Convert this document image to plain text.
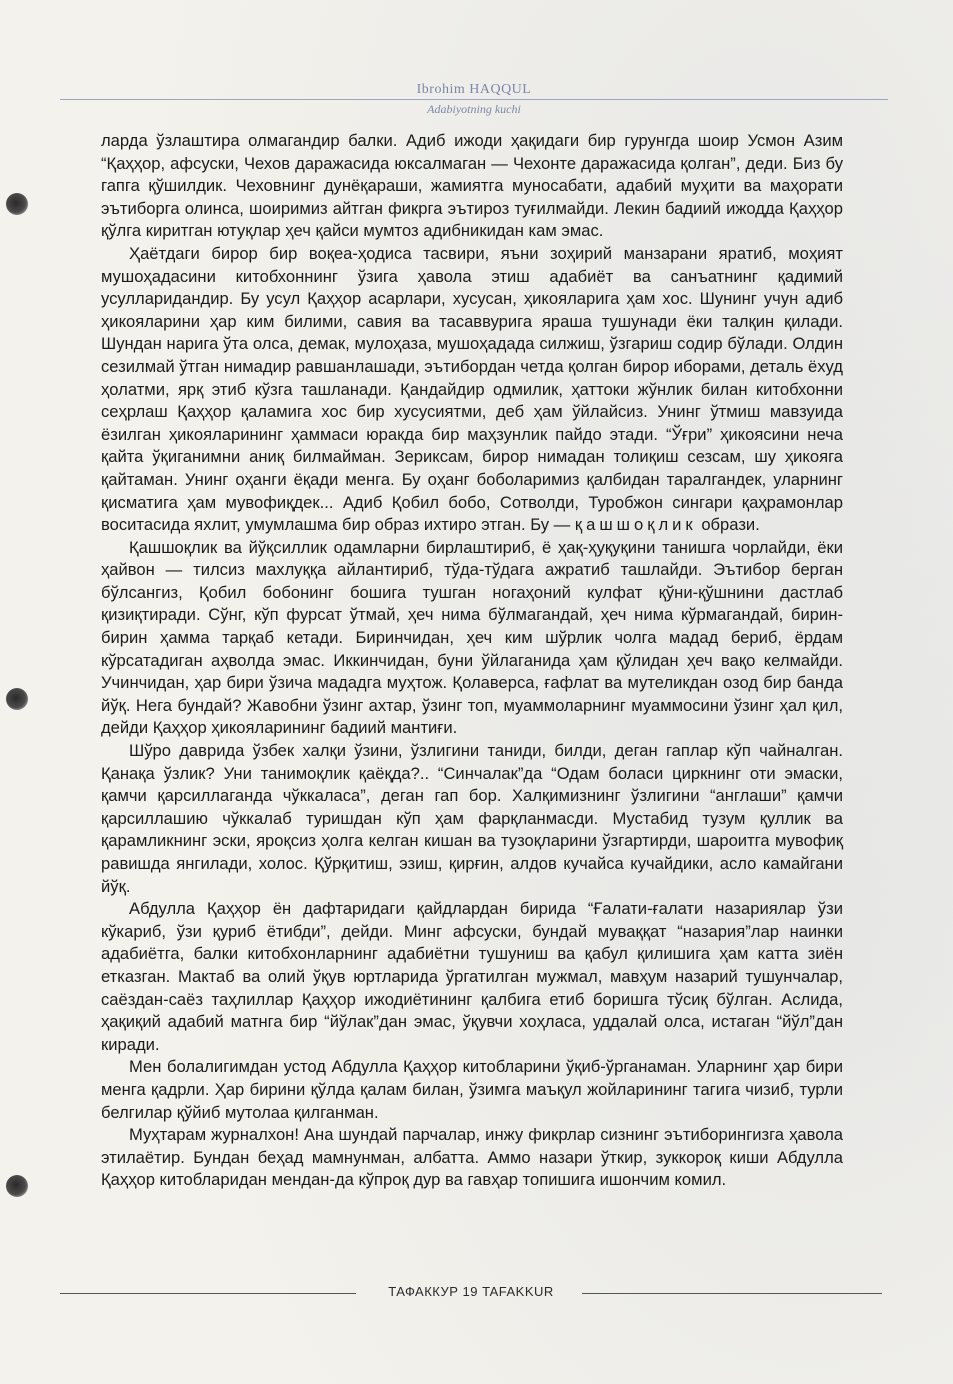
Ibrohim HAQQUL
Adabiyotning kuchi

ларда ўзлаштира олмагандир балки. Адиб ижоди ҳақидаги бир гурунгда шоир Усмон Азим “Қаҳҳор, афсуски, Чехов даражасида юксалмаган — Чехонте даражасида қолган”, деди. Биз бу гапга қўшилдик. Чеховнинг дунёқараши, жамиятга муносабати, адабий муҳити ва маҳорати эътиборга олинса, шоиримиз айтган фикрга эътироз туғилмайди. Лекин бадиий ижодда Қаҳҳор қўлга киритган ютуқлар ҳеч қайси мумтоз адибникидан кам эмас.

Ҳаётдаги бирор бир воқеа-ҳодиса тасвири, яъни зоҳирий манзарани яратиб, моҳият мушоҳадасини китобхоннинг ўзига ҳавола этиш адабиёт ва санъатнинг қадимий усулларидандир. Бу усул Қаҳҳор асарлари, хусусан, ҳикояларига ҳам хос. Шунинг учун адиб ҳикояларини ҳар ким билими, савия ва тасаввурига яраша тушунади ёки талқин қилади. Шундан нарига ўта олса, демак, мулоҳаза, мушоҳадада силжиш, ўзгариш содир бўлади. Олдин сезилмай ўтган нимадир равшанлашади, эътибордан четда қолган бирор иборами, деталь ёхуд ҳолатми, ярқ этиб кўзга ташланади. Қандайдир одмилик, ҳаттоки жўнлик билан китобхонни сеҳрлаш Қаҳҳор қаламига хос бир хусусиятми, деб ҳам ўйлайсиз. Унинг ўтмиш мавзуида ёзилган ҳикояларининг ҳаммаси юракда бир маҳзунлик пайдо этади. “Ўғри” ҳикоясини неча қайта ўқиганимни аниқ билмайман. Зериксам, бирор нимадан толиқиш сезсам, шу ҳикояга қайтаман. Унинг оҳанги ёқади менга. Бу оҳанг боболаримиз қалбидан таралгандек, уларнинг қисматига ҳам мувофиқдек... Адиб Қобил бобо, Сотволди, Туробжон сингари қаҳрамонлар воситасида яхлит, умумлашма бир образ ихтиро этган. Бу — қашшоқлик образи.

Қашшоқлик ва йўқсиллик одамларни бирлаштириб, ё ҳақ-ҳуқуқини танишга чорлайди, ёки ҳайвон — тилсиз махлуққа айлантириб, тўда-тўдага ажратиб ташлайди. Эътибор берган бўлсангиз, Қобил бобонинг бошига тушган ногаҳоний кулфат қўни-қўшнини дастлаб қизиқтиради. Сўнг, кўп фурсат ўтмай, ҳеч нима бўлмагандай, ҳеч нима кўрмагандай, бирин-бирин ҳамма тарқаб кетади. Биринчидан, ҳеч ким шўрлик чолга мадад бериб, ёрдам кўрсатадиган аҳволда эмас. Иккинчидан, буни ўйлаганида ҳам қўлидан ҳеч вақо келмайди. Учинчидан, ҳар бири ўзича мададга муҳтож. Қолаверса, ғафлат ва мутеликдан озод бир банда йўқ. Нега бундай? Жавобни ўзинг ахтар, ўзинг топ, муаммоларнинг муаммосини ўзинг ҳал қил, дейди Қаҳҳор ҳикояларининг бадиий мантиғи.

Шўро даврида ўзбек халқи ўзини, ўзлигини таниди, билди, деган гаплар кўп чайналган. Қанақа ўзлик? Уни танимоқлик қаёқда?.. “Синчалак”да “Одам боласи циркнинг оти эмаски, қамчи қарсиллаганда чўккаласа”, деган гап бор. Халқимизнинг ўзлигини “англаши” қамчи қарсиллашию чўккалаб туришдан кўп ҳам фарқланмасди. Мустабид тузум қуллик ва қарамликнинг эски, яроқсиз ҳолга келган кишан ва тузоқларини ўзгартирди, шароитга мувофиқ равишда янгилади, холос. Қўрқитиш, эзиш, қирғин, алдов кучайса кучайдики, асло камайгани йўқ.

Абдулла Қаҳҳор ён дафтаридаги қайдлардан бирида “Ғалати-ғалати назариялар ўзи кўкариб, ўзи қуриб ётибди”, дейди. Минг афсуски, бундай муваққат “назария”лар наинки адабиётга, балки китобхонларнинг адабиётни тушуниш ва қабул қилишига ҳам катта зиён етказган. Мактаб ва олий ўқув юртларида ўргатилган мужмал, мавҳум назарий тушунчалар, саёздан-саёз таҳлиллар Қаҳҳор ижодиётининг қалбига етиб боришга тўсиқ бўлган. Аслида, ҳақиқий адабий матнга бир “йўлак”дан эмас, ўқувчи хоҳласа, уддалай олса, истаган “йўл”дан киради.

Мен болалигимдан устод Абдулла Қаҳҳор китобларини ўқиб-ўрганаман. Уларнинг ҳар бири менга қадрли. Ҳар бирини қўлда қалам билан, ўзимга маъқул жойларининг тагига чизиб, турли белгилар қўйиб мутолаа қилганман.

Муҳтарам журналхон! Ана шундай парчалар, инжу фикрлар сизнинг эътиборингизга ҳавола этилаётир. Бундан беҳад мамнунман, албатта. Аммо назари ўткир, зуккороқ киши Абдулла Қаҳҳор китобларидан мендан-да кўпроқ дур ва гавҳар топишига ишончим комил.

ТАФАККУР 19 TAFAKKUR
